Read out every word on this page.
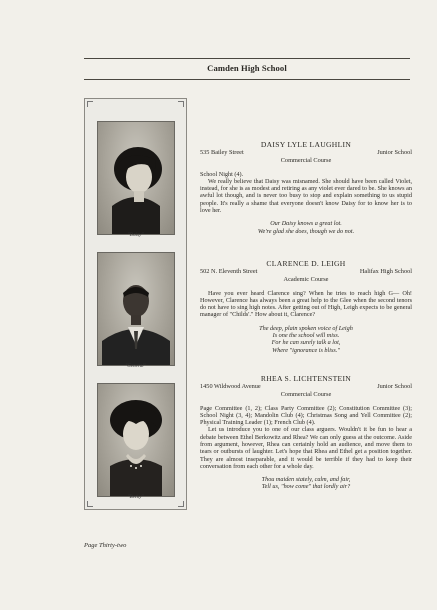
Camden High School
"Daisy"
"General"
"Becky"
DAISY LYLE LAUGHLIN
535 Bailey Street	Junior School
Commercial Course

School Night (4).

We really believe that Daisy was misnamed. She should have been called Violet, instead, for she is as modest and retiring as any violet ever dared to be. She knows an awful lot though, and is never too busy to stop and explain something to us stupid people. It's really a shame that everyone doesn't know Daisy for to know her is to love her.

Our Daisy knows a great lot.
We're glad she does, though we do not.
CLARENCE D. LEIGH
502 N. Eleventh Street	Halifax High School
Academic Course

Have you ever heard Clarence sing? When he tries to reach high G— Oh! However, Clarence has always been a great help to the Glee when the second tenors do not have to sing high notes. After getting out of High, Leigh expects to be general manager of "Childs'." How about it, Clarence?

The deep, plain spoken voice of Leigh
Is one the school will miss.
For he can surely talk a lot,
Where "ignorance is bliss."
RHEA S. LICHTENSTEIN
1450 Wildwood Avenue	Junior School
Commercial Course

Page Committee (1, 2); Class Party Committee (2); Constitution Committee (3); School Night (3, 4); Mandolin Club (4); Christmas Song and Yell Committee (2); Physical Training Leader (1); French Club (4).

Let us introduce you to one of our class arguers. Wouldn't it be fun to hear a debate between Ethel Berkowitz and Rhea? We can only guess at the outcome. Aside from argument, however, Rhea can certainly hold an audience, and move them to tears or outbursts of laughter. Let's hope that Rhea and Ethel get a position together. They are almost inseparable, and it would be terrible if they had to keep their conversation from each other for a whole day.

Thou maiden stately, calm, and fair,
Tell us, "how come" that lordly air?
Page Thirty-two
